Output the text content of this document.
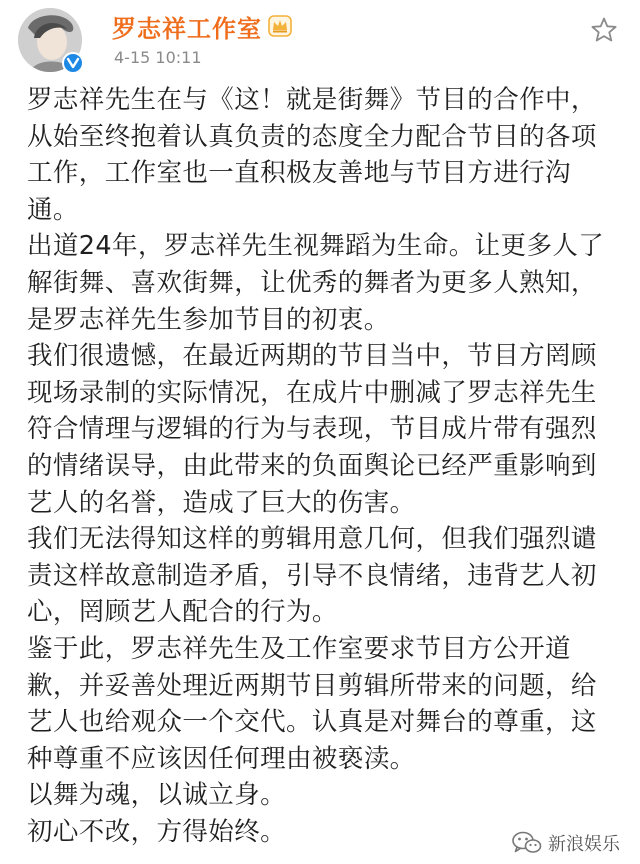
罗志祥工作室
4-15 10:11

罗志祥先生在与《这！就是街舞》节目的合作中，从始至终抱着认真负责的态度全力配合节目的各项工作，工作室也一直积极友善地与节目方进行沟通。

出道24年，罗志祥先生视舞蹈为生命。让更多人了解街舞、喜欢街舞，让优秀的舞者为更多人熟知，是罗志祥先生参加节目的初衷。

我们很遗憾，在最近两期的节目当中，节目方罔顾现场录制的实际情况，在成片中删减了罗志祥先生符合情理与逻辑的行为与表现，节目成片带有强烈的情绪误导，由此带来的负面舆论已经严重影响到艺人的名誉，造成了巨大的伤害。

我们无法得知这样的剪辑用意几何，但我们强烈谴责这样故意制造矛盾，引导不良情绪，违背艺人初心，罔顾艺人配合的行为。

鉴于此，罗志祥先生及工作室要求节目方公开道歉，并妥善处理近两期节目剪辑所带来的问题，给艺人也给观众一个交代。认真是对舞台的尊重，这种尊重不应该因任何理由被亵渎。

以舞为魂，以诚立身。

初心不改，方得始终。	新浪娱乐
